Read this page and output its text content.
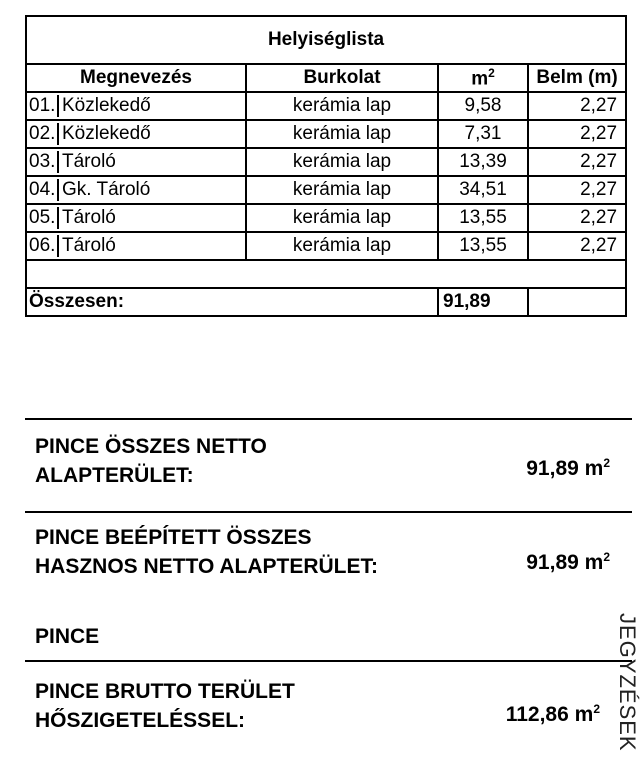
Helyiséglista			
Megnevezés	Burkolat	$m^2$	Belm (m)
01. Közlekedő	kerámia lap	9,58	2,27
02. Közlekedő	kerámia lap	7,31	2,27
03. Tároló	kerámia lap	13,39	2,27
04. Gk. Tároló	kerámia lap	34,51	2,27
05. Tároló	kerámia lap	13,55	2,27
06. Tároló	kerámia lap	13,55	2,27

Összesen:		91,89	
PINCE ÖSSZES NETTO
ALAPTERÜLET:	91,89 $m^2$
PINCE BEÉPÍTETT ÖSSZES
HASZNOS NETTO ALAPTERÜLET:	91,89 $m^2$
PINCE
PINCE BRUTTO TERÜLET
HŐSZIGETELÉSSEL:	112,86 $m^2$ JEGYZÉSEK
